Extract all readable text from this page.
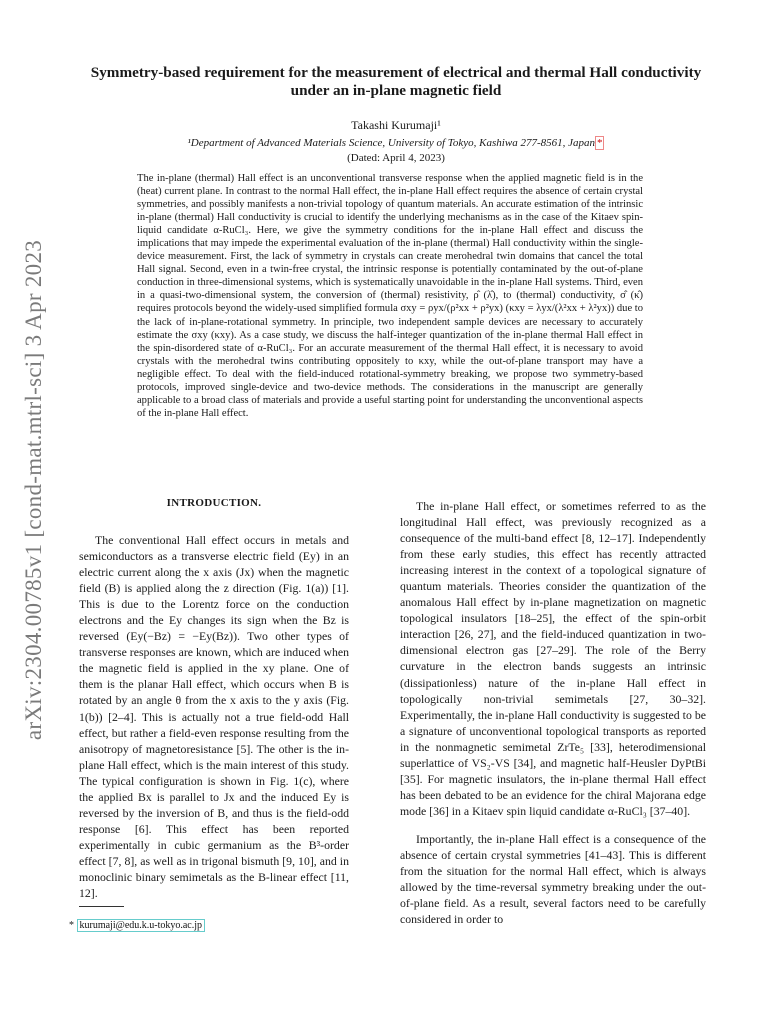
arXiv:2304.00785v1 [cond-mat.mtrl-sci] 3 Apr 2023
Symmetry-based requirement for the measurement of electrical and thermal Hall conductivity under an in-plane magnetic field
Takashi Kurumaji¹
¹Department of Advanced Materials Science, University of Tokyo, Kashiwa 277-8561, Japan *
(Dated: April 4, 2023)
The in-plane (thermal) Hall effect is an unconventional transverse response when the applied magnetic field is in the (heat) current plane. In contrast to the normal Hall effect, the in-plane Hall effect requires the absence of certain crystal symmetries, and possibly manifests a non-trivial topology of quantum materials. An accurate estimation of the intrinsic in-plane (thermal) Hall conductivity is crucial to identify the underlying mechanisms as in the case of the Kitaev spin-liquid candidate α-RuCl₃. Here, we give the symmetry conditions for the in-plane Hall effect and discuss the implications that may impede the experimental evaluation of the in-plane (thermal) Hall conductivity within the single-device measurement. First, the lack of symmetry in crystals can create merohedral twin domains that cancel the total Hall signal. Second, even in a twin-free crystal, the intrinsic response is potentially contaminated by the out-of-plane conduction in three-dimensional systems, which is systematically unavoidable in the in-plane Hall systems. Third, even in a quasi-two-dimensional system, the conversion of (thermal) resistivity, ρ̂ (λ̂), to (thermal) conductivity, σ̂ (κ̂) requires protocols beyond the widely-used simplified formula σxy = ρyx/(ρ²xx + ρ²yx) (κxy = λyx/(λ²xx + λ²yx)) due to the lack of in-plane-rotational symmetry. In principle, two independent sample devices are necessary to accurately estimate the σxy (κxy). As a case study, we discuss the half-integer quantization of the in-plane thermal Hall effect in the spin-disordered state of α-RuCl₃. For an accurate measurement of the thermal Hall effect, it is necessary to avoid crystals with the merohedral twins contributing oppositely to κxy, while the out-of-plane transport may have a negligible effect. To deal with the field-induced rotational-symmetry breaking, we propose two symmetry-based protocols, improved single-device and two-device methods. The considerations in the manuscript are generally applicable to a broad class of materials and provide a useful starting point for understanding the unconventional aspects of the in-plane Hall effect.
INTRODUCTION.

The conventional Hall effect occurs in metals and semiconductors as a transverse electric field (Ey) in an electric current along the x axis (Jx) when the magnetic field (B) is applied along the z direction (Fig. 1(a)) [1]. This is due to the Lorentz force on the conduction electrons and the Ey changes its sign when the Bz is reversed (Ey(−Bz) = −Ey(Bz)). Two other types of transverse responses are known, which are induced when the magnetic field is applied in the xy plane. One of them is the planar Hall effect, which occurs when B is rotated by an angle θ from the x axis to the y axis (Fig. 1(b)) [2–4]. This is actually not a true field-odd Hall effect, but rather a field-even response resulting from the anisotropy of magnetoresistance [5]. The other is the in-plane Hall effect, which is the main interest of this study. The typical configuration is shown in Fig. 1(c), where the applied Bx is parallel to Jx and the induced Ey is reversed by the inversion of B, and thus is the field-odd response [6]. This effect has been reported experimentally in cubic germanium as the B³-order effect [7, 8], as well as in trigonal bismuth [9, 10], and in monoclinic binary semimetals as the B-linear effect [11, 12].

The in-plane Hall effect, or sometimes referred to as the longitudinal Hall effect, was previously recognized as a consequence of the multi-band effect [8, 12–17]. Independently from these early studies, this effect has recently attracted increasing interest in the context of a topological signature of quantum materials. Theories consider the quantization of the anomalous Hall effect by in-plane magnetization on magnetic topological insulators [18–25], the effect of the spin-orbit interaction [26, 27], and the field-induced quantization in two-dimensional electron gas [27–29]. The role of the Berry curvature in the electron bands suggests an intrinsic (dissipationless) nature of the in-plane Hall effect in topologically non-trivial semimetals [27, 30–32]. Experimentally, the in-plane Hall conductivity is suggested to be a signature of unconventional topological transports as reported in the nonmagnetic semimetal ZrTe₅ [33], heterodimensional superlattice of VS₂-VS [34], and magnetic half-Heusler DyPtBi [35]. For magnetic insulators, the in-plane thermal Hall effect has been debated to be an evidence for the chiral Majorana edge mode [36] in a Kitaev spin liquid candidate α-RuCl₃ [37–40].

Importantly, the in-plane Hall effect is a consequence of the absence of certain crystal symmetries [41–43]. This is different from the situation for the normal Hall effect, which is always allowed by the time-reversal symmetry breaking under the out-of-plane field. As a result, several factors need to be carefully considered in order to

* kurumaji@edu.k.u-tokyo.ac.jp
